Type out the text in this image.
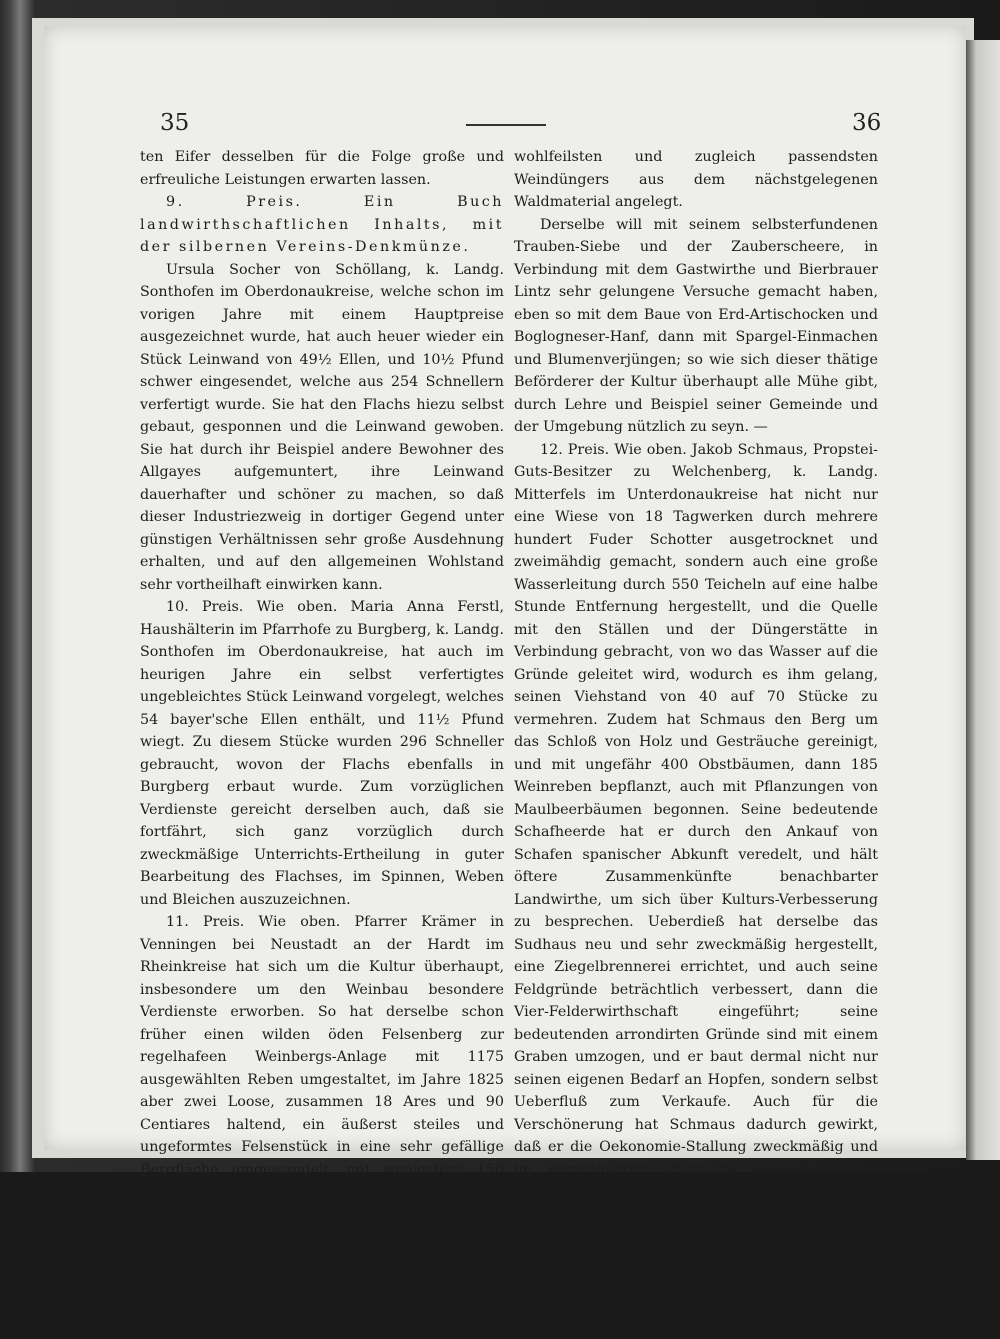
35	36

ten Eifer desselben für die Folge große und erfreuliche Leistungen erwarten lassen.

9. Preis. Ein Buch landwirthschaftlichen Inhalts, mit der silbernen Vereins-Denkmünze.

Ursula Socher von Schöllang, k. Landg. Sonthofen im Oberdonaukreise, welche schon im vorigen Jahre mit einem Hauptpreise ausgezeichnet wurde, hat auch heuer wieder ein Stück Leinwand von 49½ Ellen, und 10½ Pfund schwer eingesendet, welche aus 254 Schnellern verfertigt wurde. Sie hat den Flachs hiezu selbst gebaut, gesponnen und die Leinwand gewoben. Sie hat durch ihr Beispiel andere Bewohner des Allgayes aufgemuntert, ihre Leinwand dauerhafter und schöner zu machen, so daß dieser Industriezweig in dortiger Gegend unter günstigen Verhältnissen sehr große Ausdehnung erhalten, und auf den allgemeinen Wohlstand sehr vortheilhaft einwirken kann.

10. Preis. Wie oben. Maria Anna Ferstl, Haushälterin im Pfarrhofe zu Burgberg, k. Landg. Sonthofen im Oberdonaukreise, hat auch im heurigen Jahre ein selbst verfertigtes ungebleichtes Stück Leinwand vorgelegt, welches 54 bayer'sche Ellen enthält, und 11½ Pfund wiegt. Zu diesem Stücke wurden 296 Schneller gebraucht, wovon der Flachs ebenfalls in Burgberg erbaut wurde. Zum vorzüglichen Verdienste gereicht derselben auch, daß sie fortfährt, sich ganz vorzüglich durch zweckmäßige Unterrichts-Ertheilung in guter Bearbeitung des Flachses, im Spinnen, Weben und Bleichen auszuzeichnen.

11. Preis. Wie oben. Pfarrer Krämer in Venningen bei Neustadt an der Hardt im Rheinkreise hat sich um die Kultur überhaupt, insbesondere um den Weinbau besondere Verdienste erworben. So hat derselbe schon früher einen wilden öden Felsenberg zur regelhafeen Weinbergs-Anlage mit 1175 ausgewählten Reben umgestaltet, im Jahre 1825 aber zwei Loose, zusammen 18 Ares und 90 Centiares haltend, ein äußerst steiles und ungeformtes Felsenstück in eine sehr gefällige Bergfläche umgewandelt, mit wenigstens 150 Klaftern Mauern versichert, und mit 2616 selbst erzogenen Reben von 5 ausgesuchten Hauptsorten, mittels des von ihm öffentlich aufgestellten Weinsetzbohrers besetzt, dann am Fuße des Berges eine Weinrebschule, und eine regelmäßige Dungstätte zur Bereitung des

wohlfeilsten und zugleich passendsten Weindüngers aus dem nächstgelegenen Waldmaterial angelegt.

Derselbe will mit seinem selbsterfundenen Trauben-Siebe und der Zauberscheere, in Verbindung mit dem Gastwirthe und Bierbrauer Lintz sehr gelungene Versuche gemacht haben, eben so mit dem Baue von Erd-Artischocken und Boglogneser-Hanf, dann mit Spargel-Einmachen und Blumenverjüngen; so wie sich dieser thätige Beförderer der Kultur überhaupt alle Mühe gibt, durch Lehre und Beispiel seiner Gemeinde und der Umgebung nützlich zu seyn. —

12. Preis. Wie oben. Jakob Schmaus, Propstei-Guts-Besitzer zu Welchenberg, k. Landg. Mitterfels im Unterdonaukreise hat nicht nur eine Wiese von 18 Tagwerken durch mehrere hundert Fuder Schotter ausgetrocknet und zweimähdig gemacht, sondern auch eine große Wasserleitung durch 550 Teicheln auf eine halbe Stunde Entfernung hergestellt, und die Quelle mit den Ställen und der Düngerstätte in Verbindung gebracht, von wo das Wasser auf die Gründe geleitet wird, wodurch es ihm gelang, seinen Viehstand von 40 auf 70 Stücke zu vermehren. Zudem hat Schmaus den Berg um das Schloß von Holz und Gesträuche gereinigt, und mit ungefähr 400 Obstbäumen, dann 185 Weinreben bepflanzt, auch mit Pflanzungen von Maulbeerbäumen begonnen. Seine bedeutende Schafheerde hat er durch den Ankauf von Schafen spanischer Abkunft veredelt, und hält öftere Zusammenkünfte benachbarter Landwirthe, um sich über Kulturs-Verbesserung zu besprechen. Ueberdieß hat derselbe das Sudhaus neu und sehr zweckmäßig hergestellt, eine Ziegelbrennerei errichtet, und auch seine Feldgründe beträchtlich verbessert, dann die Vier-Felderwirthschaft eingeführt; seine bedeutenden arrondirten Gründe sind mit einem Graben umzogen, und er baut dermal nicht nur seinen eigenen Bedarf an Hopfen, sondern selbst Ueberfluß zum Verkaufe. Auch für die Verschönerung hat Schmaus dadurch gewirkt, daß er die Oekonomie-Stallung zweckmäßig und im verschönerten Zustande hergestellt, und durch das erbaute Bräuhaus mit in Verbindung stehendem Wirthshause dem Orte Welchenberg eine gefälligere Ansicht verschaffte.

13. Preis. Wie oben. Michael Vetter, Bauer von Buch, k. Landg. Neunburg vorm Wald im Regenkreise hat sich um Beförderung und Veredlung der
